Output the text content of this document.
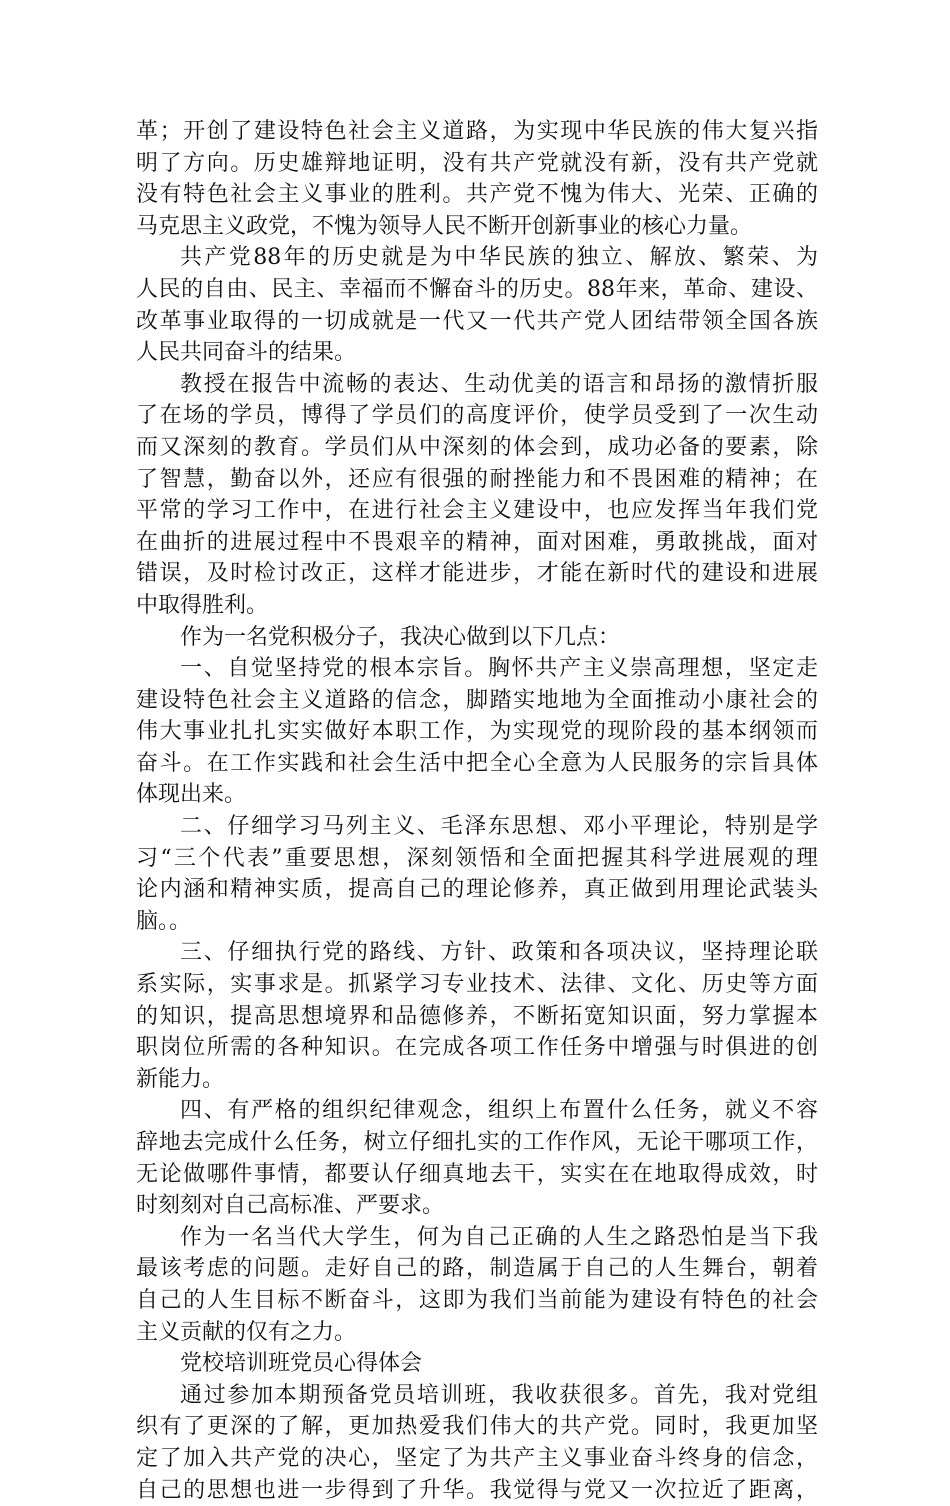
革；开创了建设特色社会主义道路，为实现中华民族的伟大复兴指
明了方向。历史雄辩地证明，没有共产党就没有新，没有共产党就
没有特色社会主义事业的胜利。共产党不愧为伟大、光荣、正确的
马克思主义政党，不愧为领导人民不断开创新事业的核心力量。
共产党88年的历史就是为中华民族的独立、解放、繁荣、为
人民的自由、民主、幸福而不懈奋斗的历史。88年来，革命、建设、
改革事业取得的一切成就是一代又一代共产党人团结带领全国各族
人民共同奋斗的结果。
教授在报告中流畅的表达、生动优美的语言和昂扬的激情折服
了在场的学员，博得了学员们的高度评价，使学员受到了一次生动
而又深刻的教育。学员们从中深刻的体会到，成功必备的要素，除
了智慧，勤奋以外，还应有很强的耐挫能力和不畏困难的精神；在
平常的学习工作中，在进行社会主义建设中，也应发挥当年我们党
在曲折的进展过程中不畏艰辛的精神，面对困难，勇敢挑战，面对
错误，及时检讨改正，这样才能进步，才能在新时代的建设和进展
中取得胜利。
作为一名党积极分子，我决心做到以下几点：
一、自觉坚持党的根本宗旨。胸怀共产主义崇高理想，坚定走
建设特色社会主义道路的信念，脚踏实地地为全面推动小康社会的
伟大事业扎扎实实做好本职工作，为实现党的现阶段的基本纲领而
奋斗。在工作实践和社会生活中把全心全意为人民服务的宗旨具体
体现出来。
二、仔细学习马列主义、毛泽东思想、邓小平理论，特别是学
习“三个代表”重要思想，深刻领悟和全面把握其科学进展观的理
论内涵和精神实质，提高自己的理论修养，真正做到用理论武装头
脑。。
三、仔细执行党的路线、方针、政策和各项决议，坚持理论联
系实际，实事求是。抓紧学习专业技术、法律、文化、历史等方面
的知识，提高思想境界和品德修养，不断拓宽知识面，努力掌握本
职岗位所需的各种知识。在完成各项工作任务中增强与时俱进的创
新能力。
四、有严格的组织纪律观念，组织上布置什么任务，就义不容
辞地去完成什么任务，树立仔细扎实的工作作风，无论干哪项工作，
无论做哪件事情，都要认仔细真地去干，实实在在地取得成效，时
时刻刻对自己高标准、严要求。
作为一名当代大学生，何为自己正确的人生之路恐怕是当下我
最该考虑的问题。走好自己的路，制造属于自己的人生舞台，朝着
自己的人生目标不断奋斗，这即为我们当前能为建设有特色的社会
主义贡献的仅有之力。
党校培训班党员心得体会
通过参加本期预备党员培训班，我收获很多。首先，我对党组
织有了更深的了解，更加热爱我们伟大的共产党。同时，我更加坚
定了加入共产党的决心，坚定了为共产主义事业奋斗终身的信念，
自己的思想也进一步得到了升华。我觉得与党又一次拉近了距离，
